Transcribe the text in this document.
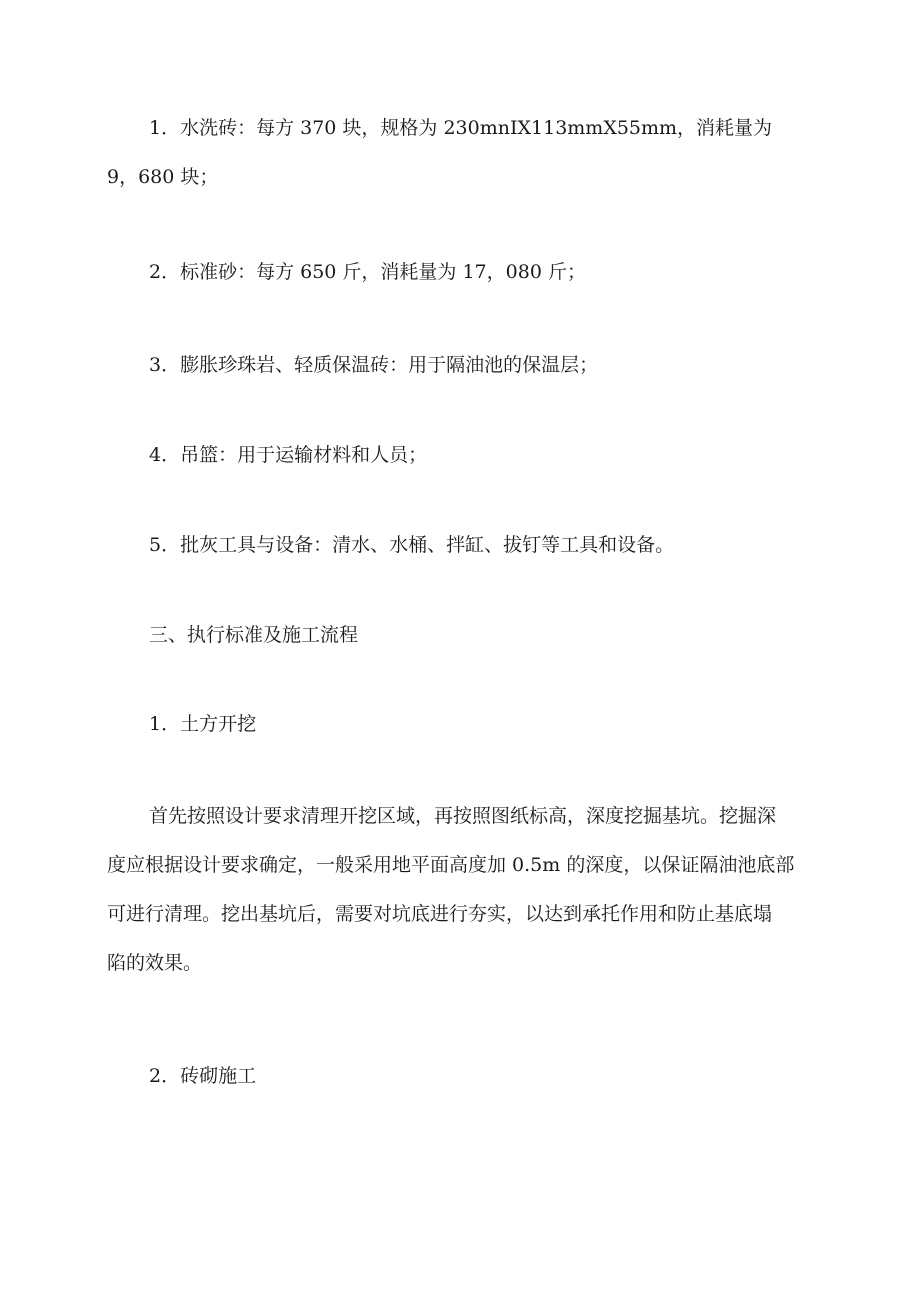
1．水洗砖：每方 370 块，规格为 230mnIX113mmX55mm，消耗量为
9，680 块；
2．标准砂：每方 650 斤，消耗量为 17，080 斤；
3．膨胀珍珠岩、轻质保温砖：用于隔油池的保温层；
4．吊篮：用于运输材料和人员；
5．批灰工具与设备：清水、水桶、拌缸、拔钉等工具和设备。
三、执行标准及施工流程
1．土方开挖
首先按照设计要求清理开挖区域，再按照图纸标高，深度挖掘基坑。挖掘深
度应根据设计要求确定，一般采用地平面高度加 0.5m 的深度，以保证隔油池底部
可进行清理。挖出基坑后，需要对坑底进行夯实，以达到承托作用和防止基底塌
陷的效果。
2．砖砌施工
